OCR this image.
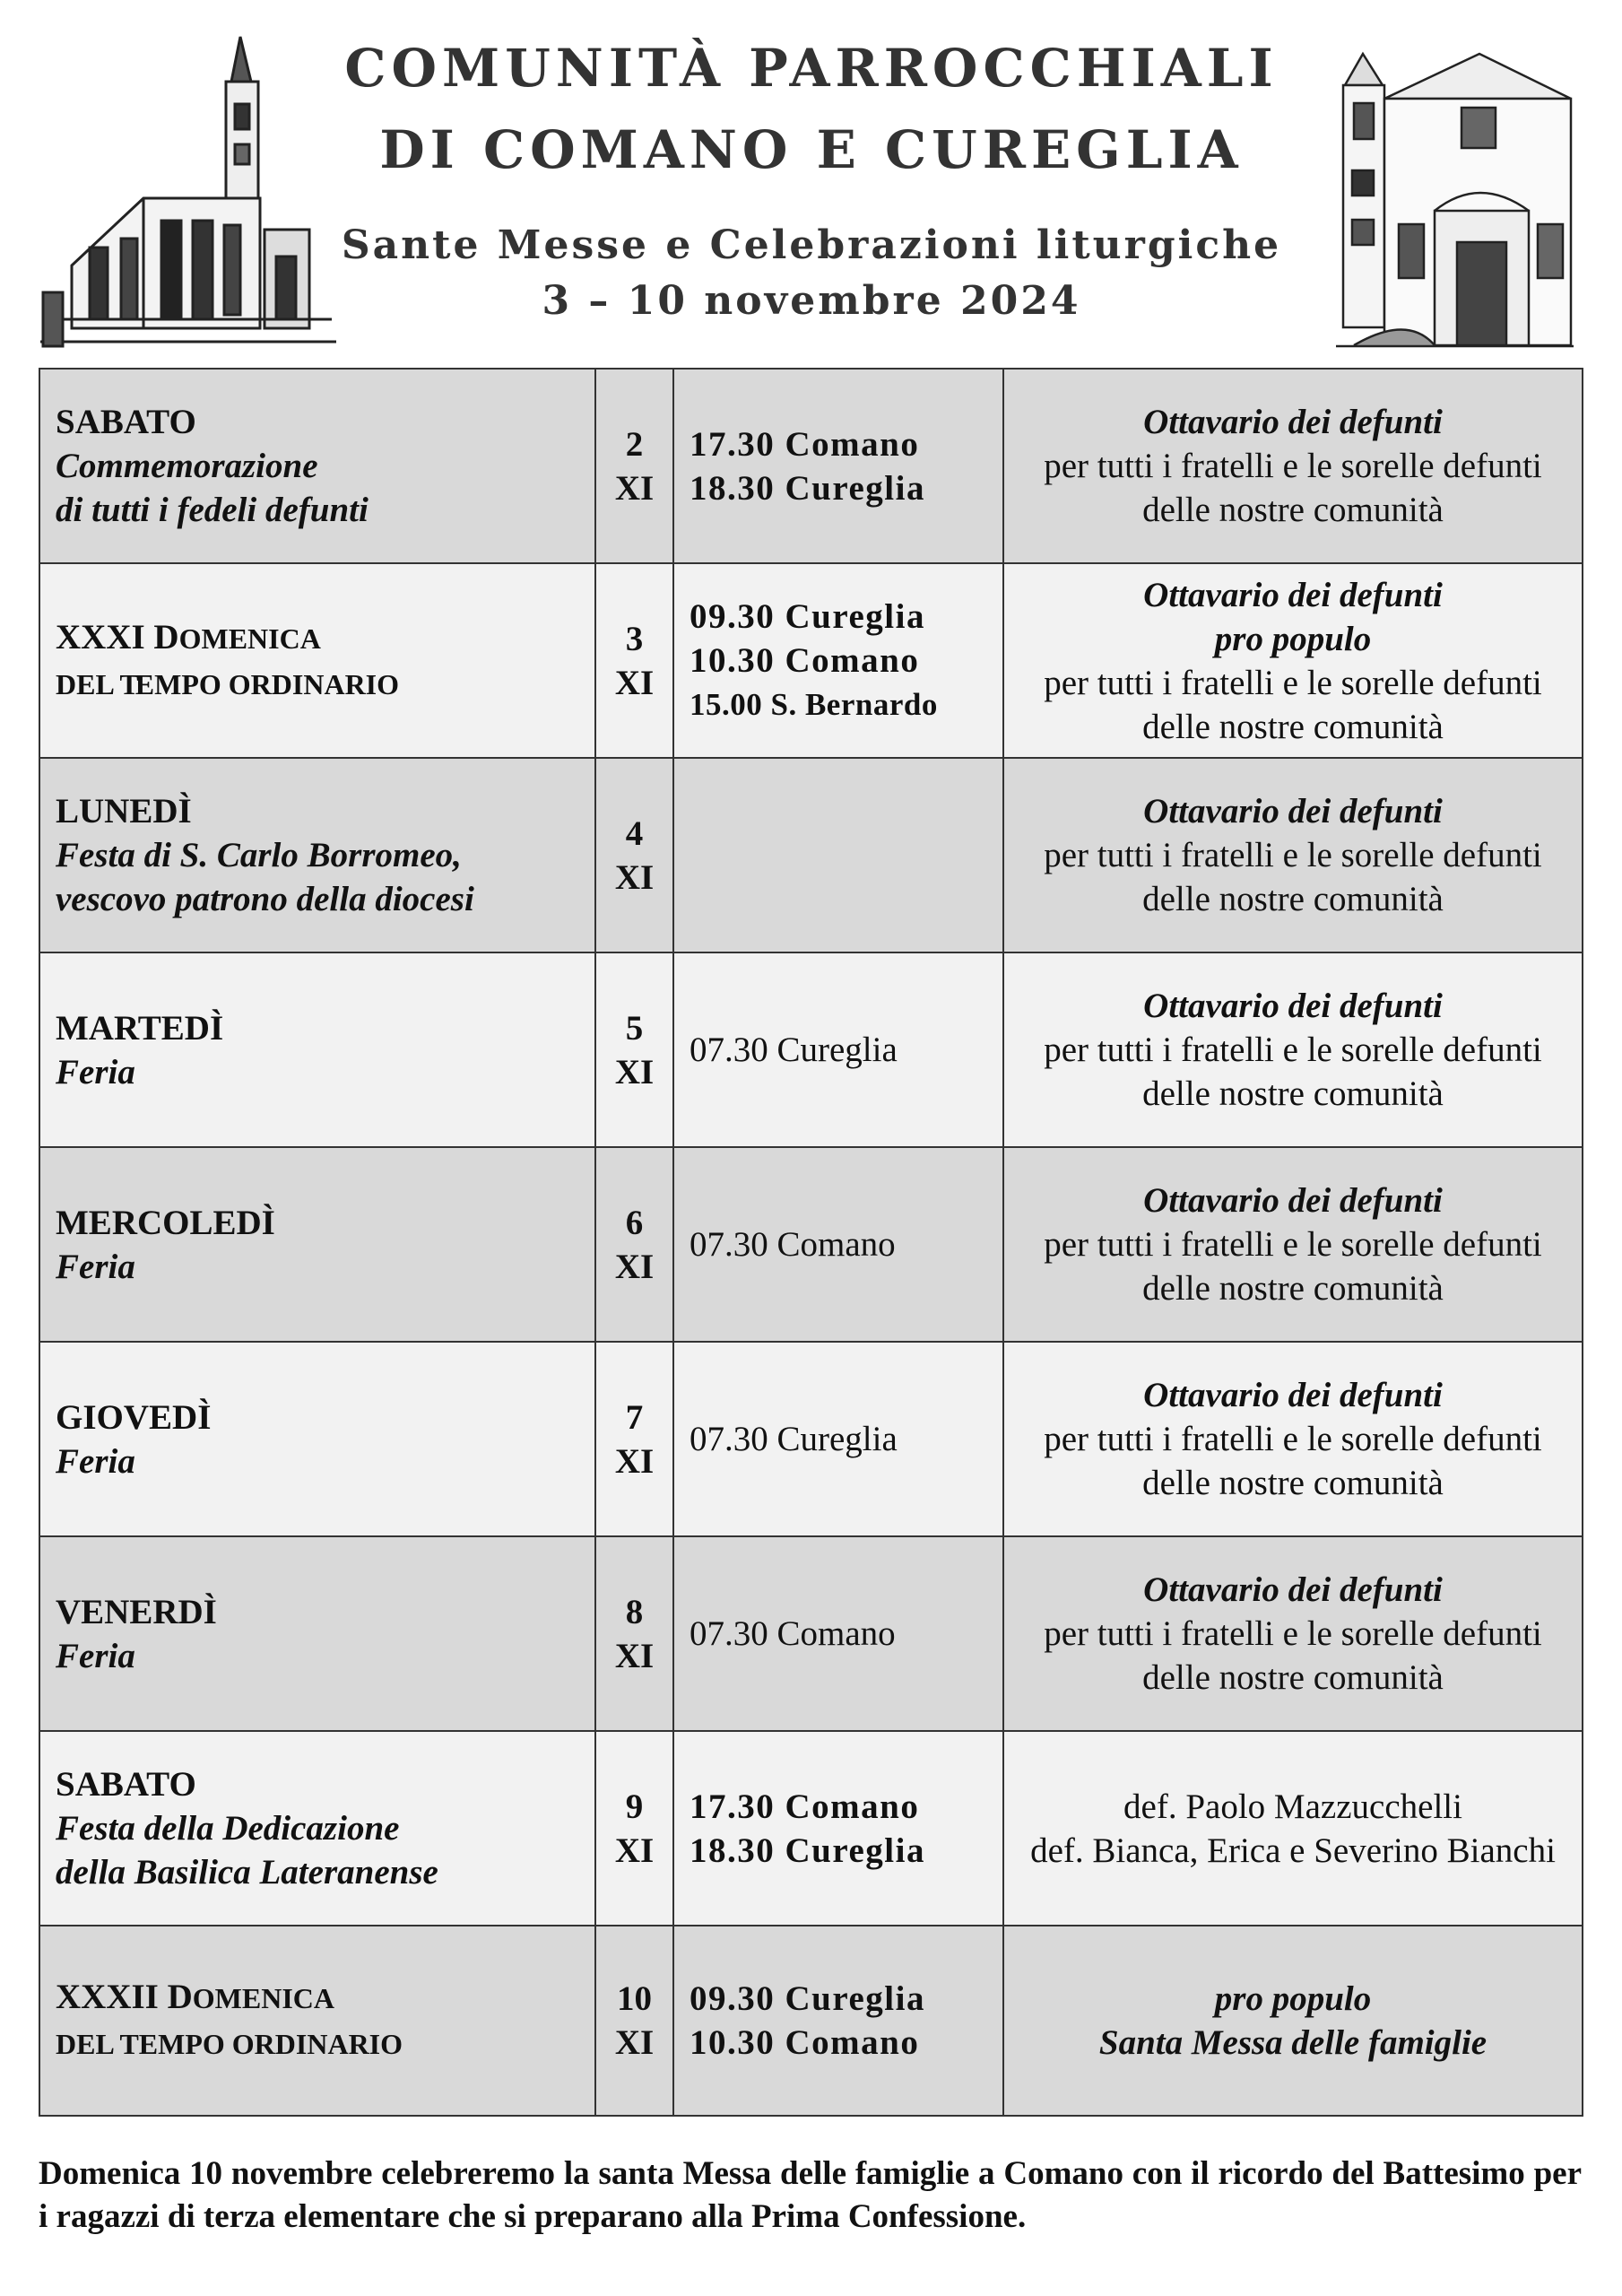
COMUNITÀ PARROCCHIALI
DI COMANO E CUREGLIA
Sante Messe e Celebrazioni liturgiche
3 – 10 novembre 2024
SABATO
Commemorazione
di tutti i fedeli defunti	2
XI	17.30 Comano
18.30 Cureglia	Ottavario dei defunti
per tutti i fratelli e le sorelle defunti
delle nostre comunità

XXXI DOMENICA
DEL TEMPO ORDINARIO	3
XI	09.30 Cureglia
10.30 Comano
15.00 S. Bernardo	Ottavario dei defunti
pro populo
per tutti i fratelli e le sorelle defunti
delle nostre comunità

LUNEDÌ
Festa di S. Carlo Borromeo,
vescovo patrono della diocesi	4
XI		Ottavario dei defunti
per tutti i fratelli e le sorelle defunti
delle nostre comunità

MARTEDÌ
Feria	5
XI	07.30 Cureglia	Ottavario dei defunti
per tutti i fratelli e le sorelle defunti
delle nostre comunità

MERCOLEDÌ
Feria	6
XI	07.30 Comano	Ottavario dei defunti
per tutti i fratelli e le sorelle defunti
delle nostre comunità

GIOVEDÌ
Feria	7
XI	07.30 Cureglia	Ottavario dei defunti
per tutti i fratelli e le sorelle defunti
delle nostre comunità

VENERDÌ
Feria	8
XI	07.30 Comano	Ottavario dei defunti
per tutti i fratelli e le sorelle defunti
delle nostre comunità

SABATO
Festa della Dedicazione
della Basilica Lateranense	9
XI	17.30 Comano
18.30 Cureglia	def. Paolo Mazzucchelli
def. Bianca, Erica e Severino Bianchi

XXXII DOMENICA
DEL TEMPO ORDINARIO	10
XI	09.30 Cureglia
10.30 Comano	pro populo
Santa Messa delle famiglie
Domenica 10 novembre celebreremo la santa Messa delle famiglie a Comano con il ricordo del Battesimo per i ragazzi di terza elementare che si preparano alla Prima Confessione.
